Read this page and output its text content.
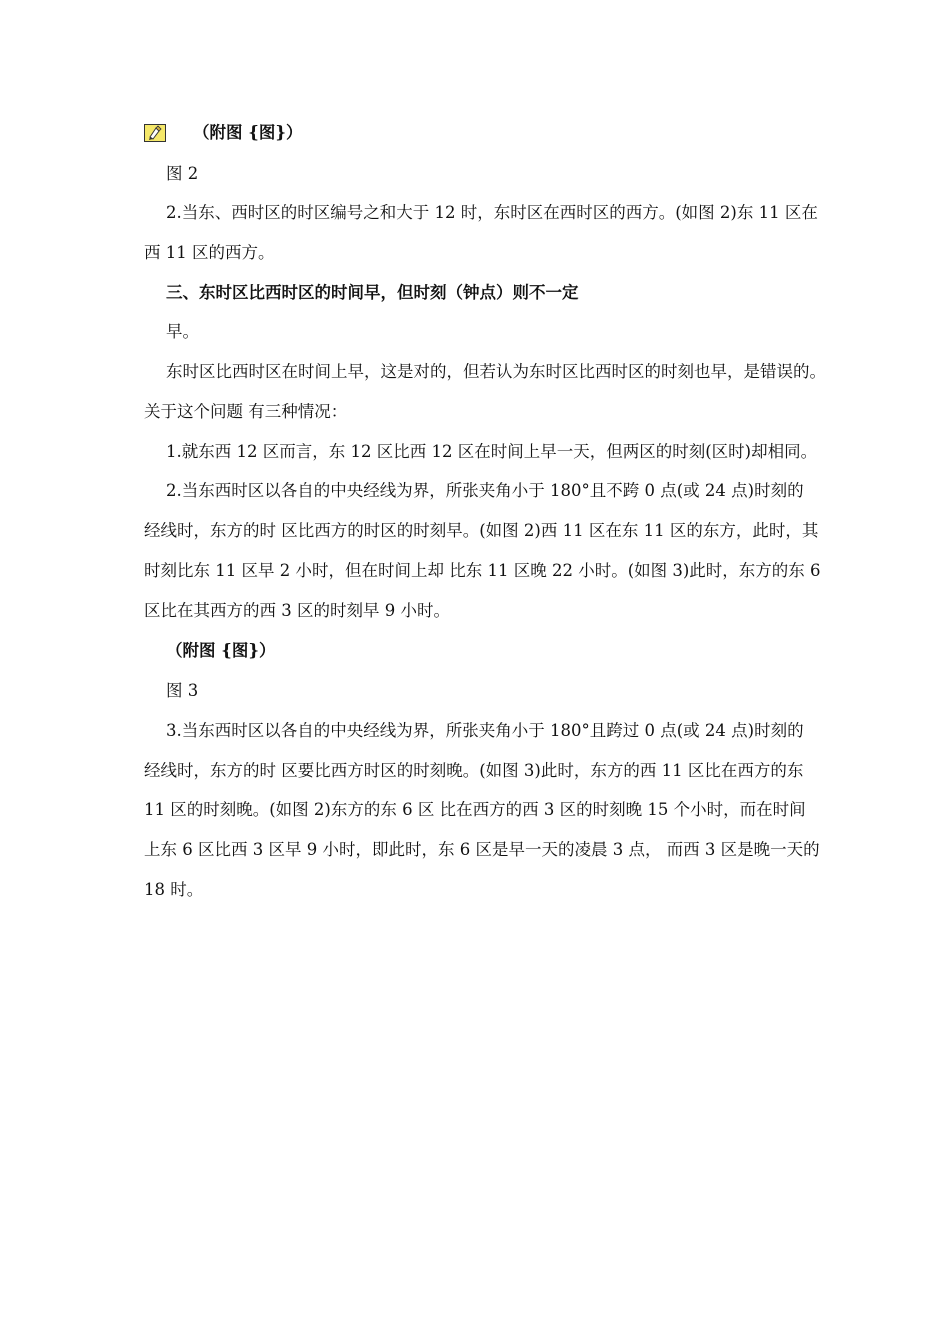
（附图 {图}）
图 2
2.当东、西时区的时区编号之和大于 12 时，东时区在西时区的西方。(如图 2)东 11 区在
西 11 区的西方。
三、东时区比西时区的时间早，但时刻（钟点）则不一定
早。
东时区比西时区在时间上早，这是对的，但若认为东时区比西时区的时刻也早，是错误的。
关于这个问题 有三种情况：
1.就东西 12 区而言，东 12 区比西 12 区在时间上早一天，但两区的时刻(区时)却相同。
2.当东西时区以各自的中央经线为界，所张夹角小于 180°且不跨 0 点(或 24 点)时刻的
经线时，东方的时 区比西方的时区的时刻早。(如图 2)西 11 区在东 11 区的东方，此时，其
时刻比东 11 区早 2 小时，但在时间上却 比东 11 区晚 22 小时。(如图 3)此时，东方的东 6
区比在其西方的西 3 区的时刻早 9 小时。
（附图 {图}）
图 3
3.当东西时区以各自的中央经线为界，所张夹角小于 180°且跨过 0 点(或 24 点)时刻的
经线时，东方的时 区要比西方时区的时刻晚。(如图 3)此时，东方的西 11 区比在西方的东
11 区的时刻晚。(如图 2)东方的东 6 区 比在西方的西 3 区的时刻晚 15 个小时，而在时间
上东 6 区比西 3 区早 9 小时，即此时，东 6 区是早一天的凌晨 3 点， 而西 3 区是晚一天的
18 时。
